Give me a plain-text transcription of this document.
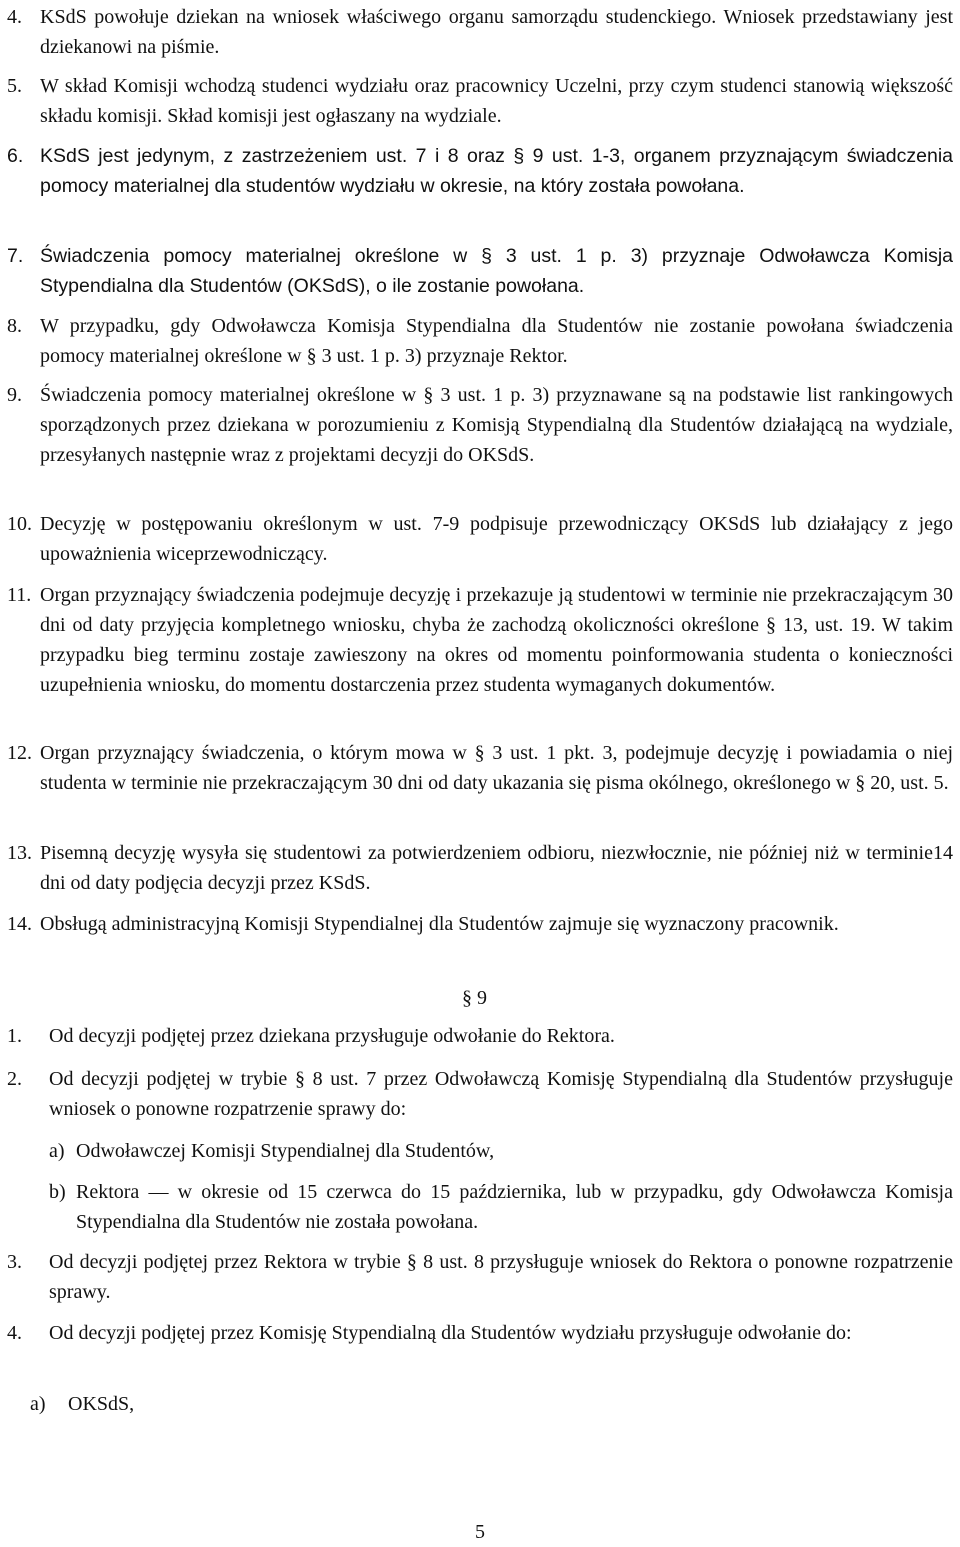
4. KSdS powołuje dziekan na wniosek właściwego organu samorządu studenckiego. Wniosek przedstawiany jest dziekanowi na piśmie.
5. W skład Komisji wchodzą studenci wydziału oraz pracownicy Uczelni, przy czym studenci stanowią większość składu komisji. Skład komisji jest ogłaszany na wydziale.
6. KSdS jest jedynym, z zastrzeżeniem ust. 7 i 8 oraz § 9 ust. 1-3, organem przyznającym świadczenia pomocy materialnej dla studentów wydziału w okresie, na który została powołana.
7. Świadczenia pomocy materialnej określone w § 3 ust. 1 p. 3) przyznaje Odwoławcza Komisja Stypendialna dla Studentów (OKSdS), o ile zostanie powołana.
8. W przypadku, gdy Odwoławcza Komisja Stypendialna dla Studentów nie zostanie powołana świadczenia pomocy materialnej określone w § 3 ust. 1 p. 3) przyznaje Rektor.
9. Świadczenia pomocy materialnej określone w § 3 ust. 1 p. 3) przyznawane są na podstawie list rankingowych sporządzonych przez dziekana w porozumieniu z Komisją Stypendialną dla Studentów działającą na wydziale, przesyłanych następnie wraz z projektami decyzji do OKSdS.
10. Decyzję w postępowaniu określonym w ust. 7-9 podpisuje przewodniczący OKSdS lub działający z jego upoważnienia wiceprzewodniczący.
11. Organ przyznający świadczenia podejmuje decyzję i przekazuje ją studentowi w terminie nie przekraczającym 30 dni od daty przyjęcia kompletnego wniosku, chyba że zachodzą okoliczności określone § 13, ust. 19. W takim przypadku bieg terminu zostaje zawieszony na okres od momentu poinformowania studenta o konieczności uzupełnienia wniosku, do momentu dostarczenia przez studenta wymaganych dokumentów.
12. Organ przyznający świadczenia, o którym mowa w § 3 ust. 1 pkt. 3, podejmuje decyzję i powiadamia o niej studenta w terminie nie przekraczającym 30 dni od daty ukazania się pisma okólnego, określonego w § 20, ust. 5.
13. Pisemną decyzję wysyła się studentowi za potwierdzeniem odbioru, niezwłocznie, nie później niż w terminie14 dni od daty podjęcia decyzji przez KSdS.
14. Obsługą administracyjną Komisji Stypendialnej dla Studentów zajmuje się wyznaczony pracownik.
§ 9
1. Od decyzji podjętej przez dziekana przysługuje odwołanie do Rektora.
2. Od decyzji podjętej w trybie § 8 ust. 7 przez Odwoławczą Komisję Stypendialną dla Studentów przysługuje wniosek o ponowne rozpatrzenie sprawy do:
a) Odwoławczej Komisji Stypendialnej dla Studentów,
b) Rektora — w okresie od 15 czerwca do 15 października, lub w przypadku, gdy Odwoławcza Komisja Stypendialna dla Studentów nie została powołana.
3. Od decyzji podjętej przez Rektora w trybie § 8 ust. 8 przysługuje wniosek do Rektora o ponowne rozpatrzenie sprawy.
4. Od decyzji podjętej przez Komisję Stypendialną dla Studentów wydziału przysługuje odwołanie do:
a) OKSdS,
5
